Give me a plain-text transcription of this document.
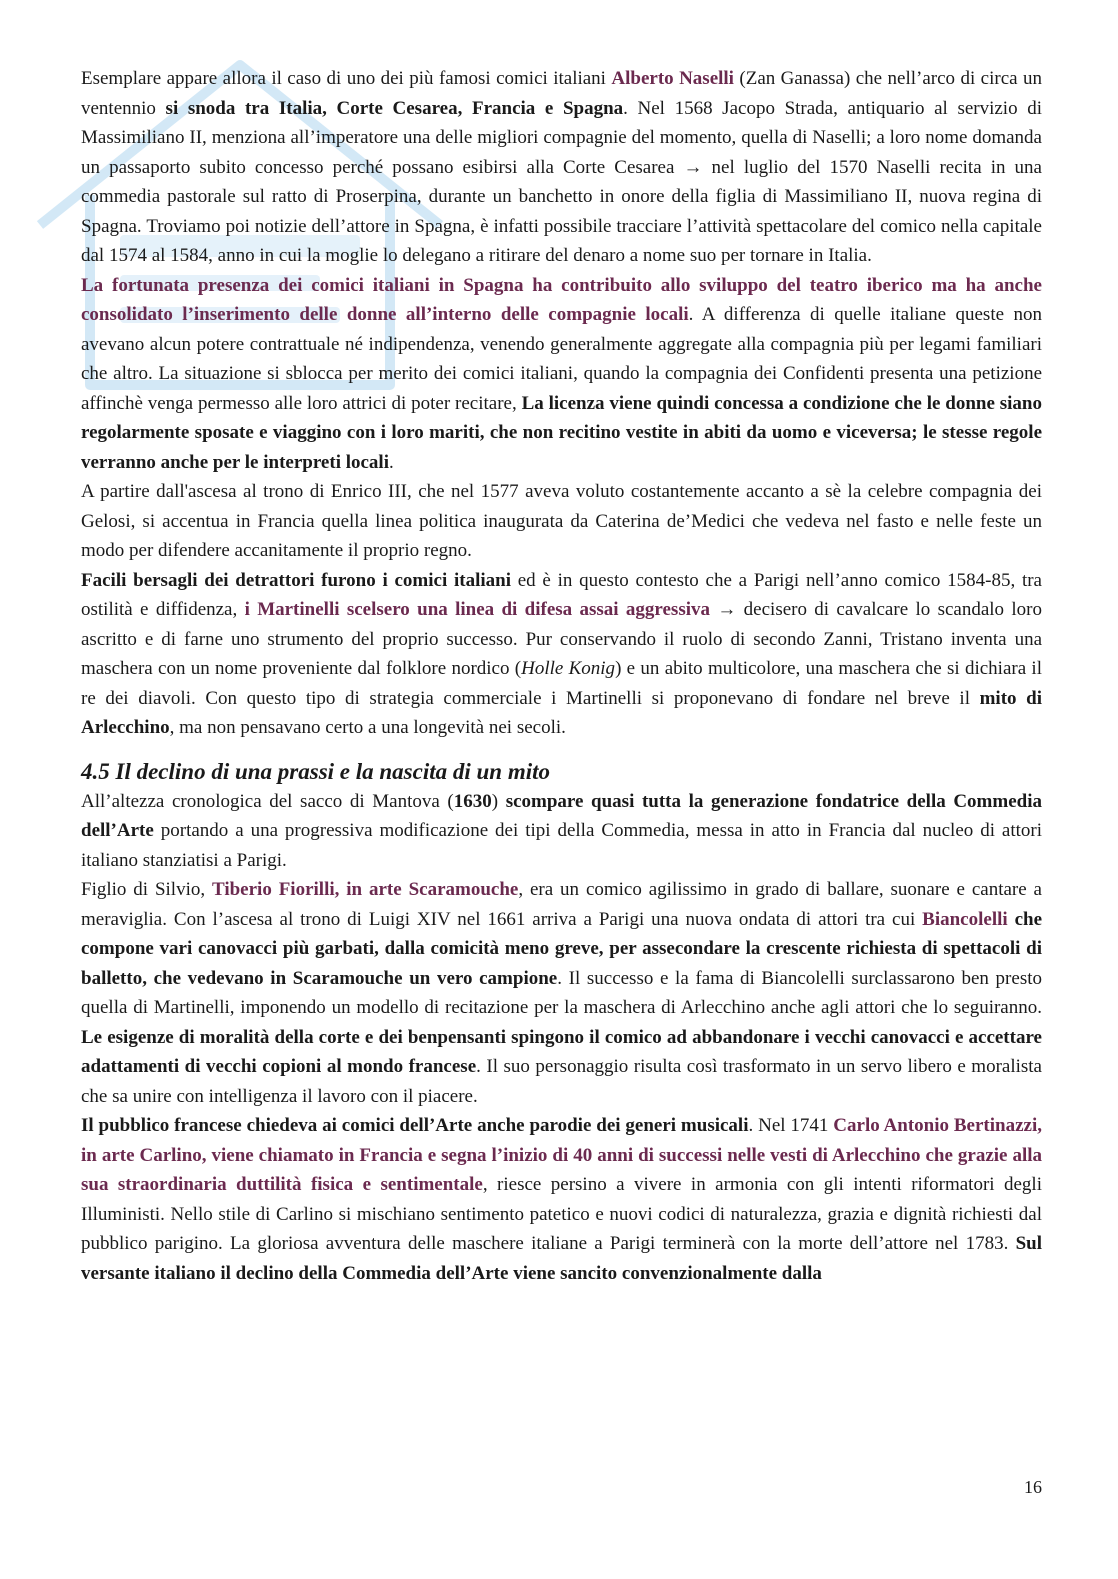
Esemplare appare allora il caso di uno dei più famosi comici italiani Alberto Naselli (Zan Ganassa) che nell’arco di circa un ventennio si snoda tra Italia, Corte Cesarea, Francia e Spagna. Nel 1568 Jacopo Strada, antiquario al servizio di Massimiliano II, menziona all’imperatore una delle migliori compagnie del momento, quella di Naselli; a loro nome domanda un passaporto subito concesso perché possano esibirsi alla Corte Cesarea → nel luglio del 1570 Naselli recita in una commedia pastorale sul ratto di Proserpina, durante un banchetto in onore della figlia di Massimiliano II, nuova regina di Spagna. Troviamo poi notizie dell’attore in Spagna, è infatti possibile tracciare l’attività spettacolare del comico nella capitale dal 1574 al 1584, anno in cui la moglie lo delegano a ritirare del denaro a nome suo per tornare in Italia.

La fortunata presenza dei comici italiani in Spagna ha contribuito allo sviluppo del teatro iberico ma ha anche consolidato l’inserimento delle donne all’interno delle compagnie locali. A differenza di quelle italiane queste non avevano alcun potere contrattuale né indipendenza, venendo generalmente aggregate alla compagnia più per legami familiari che altro. La situazione si sblocca per merito dei comici italiani, quando la compagnia dei Confidenti presenta una petizione affinchè venga permesso alle loro attrici di poter recitare, La licenza viene quindi concessa a condizione che le donne siano regolarmente sposate e viaggino con i loro mariti, che non recitino vestite in abiti da uomo e viceversa; le stesse regole verranno anche per le interpreti locali.

A partire dall'ascesa al trono di Enrico III, che nel 1577 aveva voluto costantemente accanto a sè la celebre compagnia dei Gelosi, si accentua in Francia quella linea politica inaugurata da Caterina de’Medici che vedeva nel fasto e nelle feste un modo per difendere accanitamente il proprio regno.

Facili bersagli dei detrattori furono i comici italiani ed è in questo contesto che a Parigi nell’anno comico 1584-85, tra ostilità e diffidenza, i Martinelli scelsero una linea di difesa assai aggressiva → decisero di cavalcare lo scandalo loro ascritto e di farne uno strumento del proprio successo. Pur conservando il ruolo di secondo Zanni, Tristano inventa una maschera con un nome proveniente dal folklore nordico (Holle Konig) e un abito multicolore, una maschera che si dichiara il re dei diavoli. Con questo tipo di strategia commerciale i Martinelli si proponevano di fondare nel breve il mito di Arlecchino, ma non pensavano certo a una longevità nei secoli.

4.5 Il declino di una prassi e la nascita di un mito

All’altezza cronologica del sacco di Mantova (1630) scompare quasi tutta la generazione fondatrice della Commedia dell’Arte portando a una progressiva modificazione dei tipi della Commedia, messa in atto in Francia dal nucleo di attori italiano stanziatisi a Parigi.

Figlio di Silvio, Tiberio Fiorilli, in arte Scaramouche, era un comico agilissimo in grado di ballare, suonare e cantare a meraviglia. Con l’ascesa al trono di Luigi XIV nel 1661 arriva a Parigi una nuova ondata di attori tra cui Biancolelli che compone vari canovacci più garbati, dalla comicità meno greve, per assecondare la crescente richiesta di spettacoli di balletto, che vedevano in Scaramouche un vero campione. Il successo e la fama di Biancolelli surclassarono ben presto quella di Martinelli, imponendo un modello di recitazione per la maschera di Arlecchino anche agli attori che lo seguiranno. Le esigenze di moralità della corte e dei benpensanti spingono il comico ad abbandonare i vecchi canovacci e accettare adattamenti di vecchi copioni al mondo francese. Il suo personaggio risulta così trasformato in un servo libero e moralista che sa unire con intelligenza il lavoro con il piacere.

Il pubblico francese chiedeva ai comici dell’Arte anche parodie dei generi musicali. Nel 1741 Carlo Antonio Bertinazzi, in arte Carlino, viene chiamato in Francia e segna l’inizio di 40 anni di successi nelle vesti di Arlecchino che grazie alla sua straordinaria duttilità fisica e sentimentale, riesce persino a vivere in armonia con gli intenti riformatori degli Illuministi. Nello stile di Carlino si mischiano sentimento patetico e nuovi codici di naturalezza, grazia e dignità richiesti dal pubblico parigino. La gloriosa avventura delle maschere italiane a Parigi terminerà con la morte dell’attore nel 1783. Sul versante italiano il declino della Commedia dell’Arte viene sancito convenzionalmente dalla

16
